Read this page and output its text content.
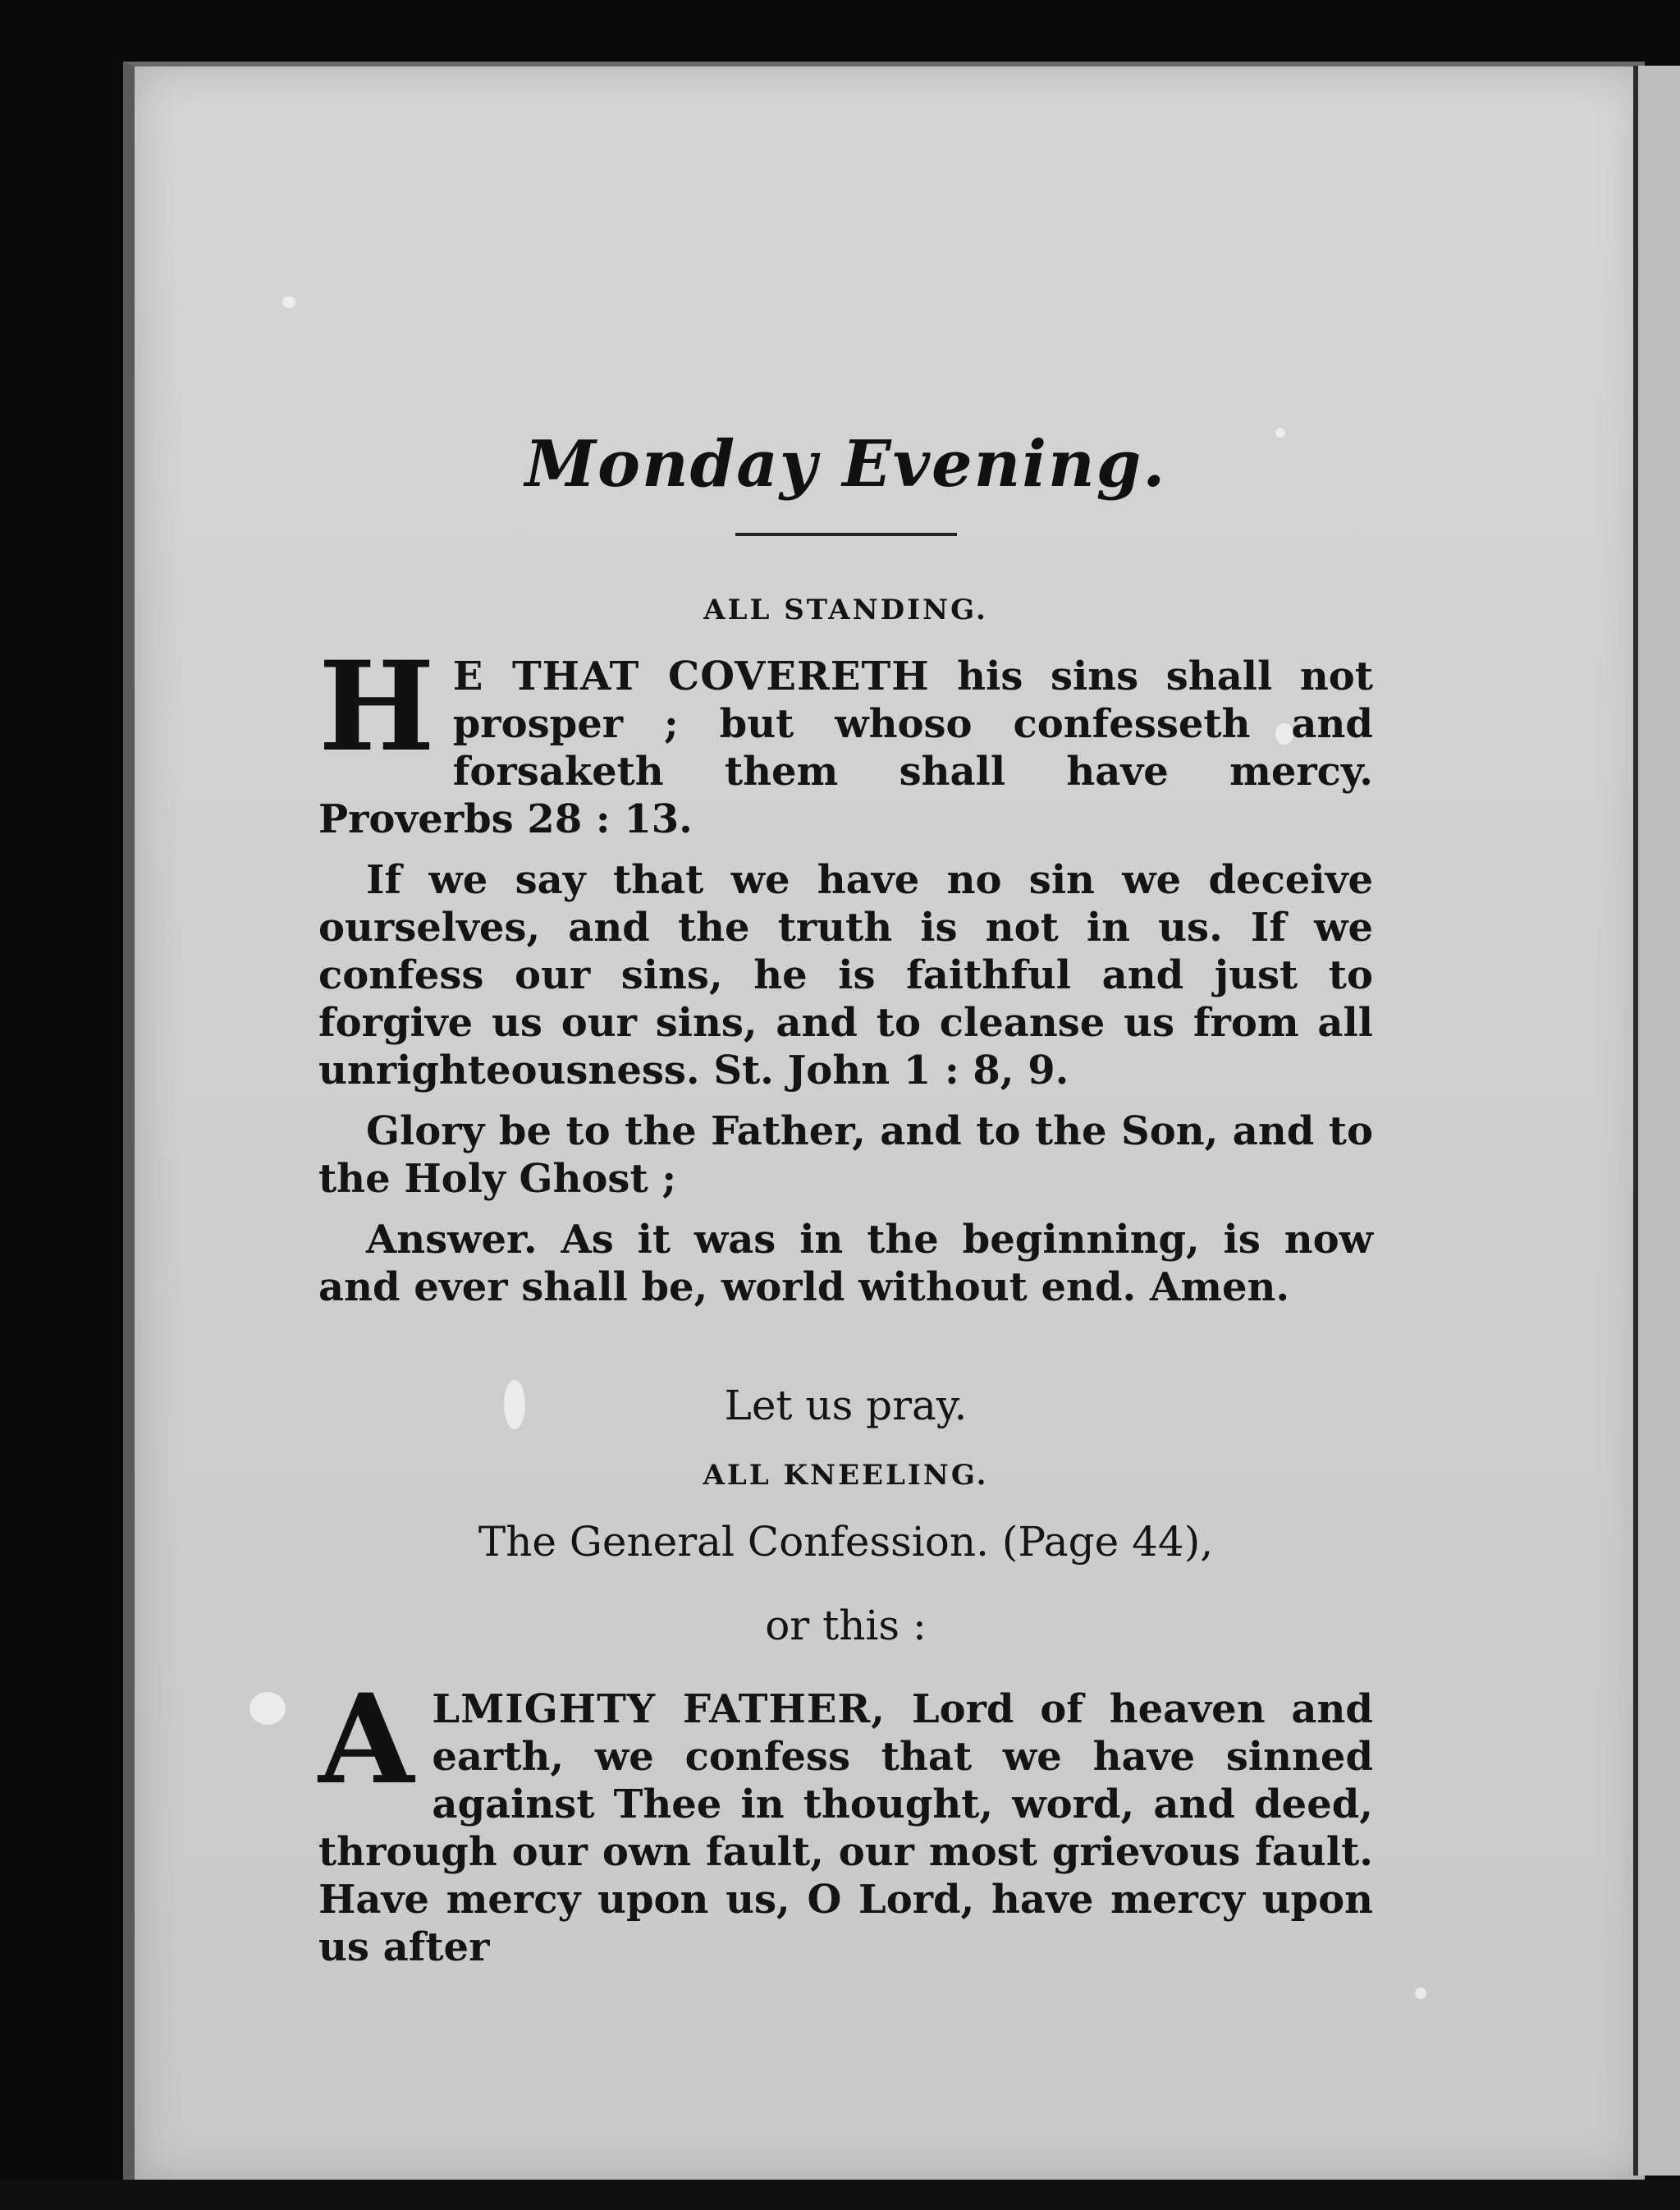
Monday Evening.

ALL STANDING.

H E THAT COVERETH his sins shall not prosper ; but whoso confesseth and forsaketh them shall have mercy. Proverbs 28 : 13.

If we say that we have no sin we deceive ourselves, and the truth is not in us. If we confess our sins, he is faithful and just to forgive us our sins, and to cleanse us from all unrighteousness. St. John 1 : 8, 9.

Glory be to the Father, and to the Son, and to the Holy Ghost ;

Answer. As it was in the beginning, is now and ever shall be, world without end. Amen.

Let us pray.

ALL KNEELING.

The General Confession. (Page 44),

or this :

ALMIGHTY FATHER, Lord of heaven and earth, we confess that we have sinned against Thee in thought, word, and deed, through our own fault, our most grievous fault. Have mercy upon us, O Lord, have mercy upon us after
